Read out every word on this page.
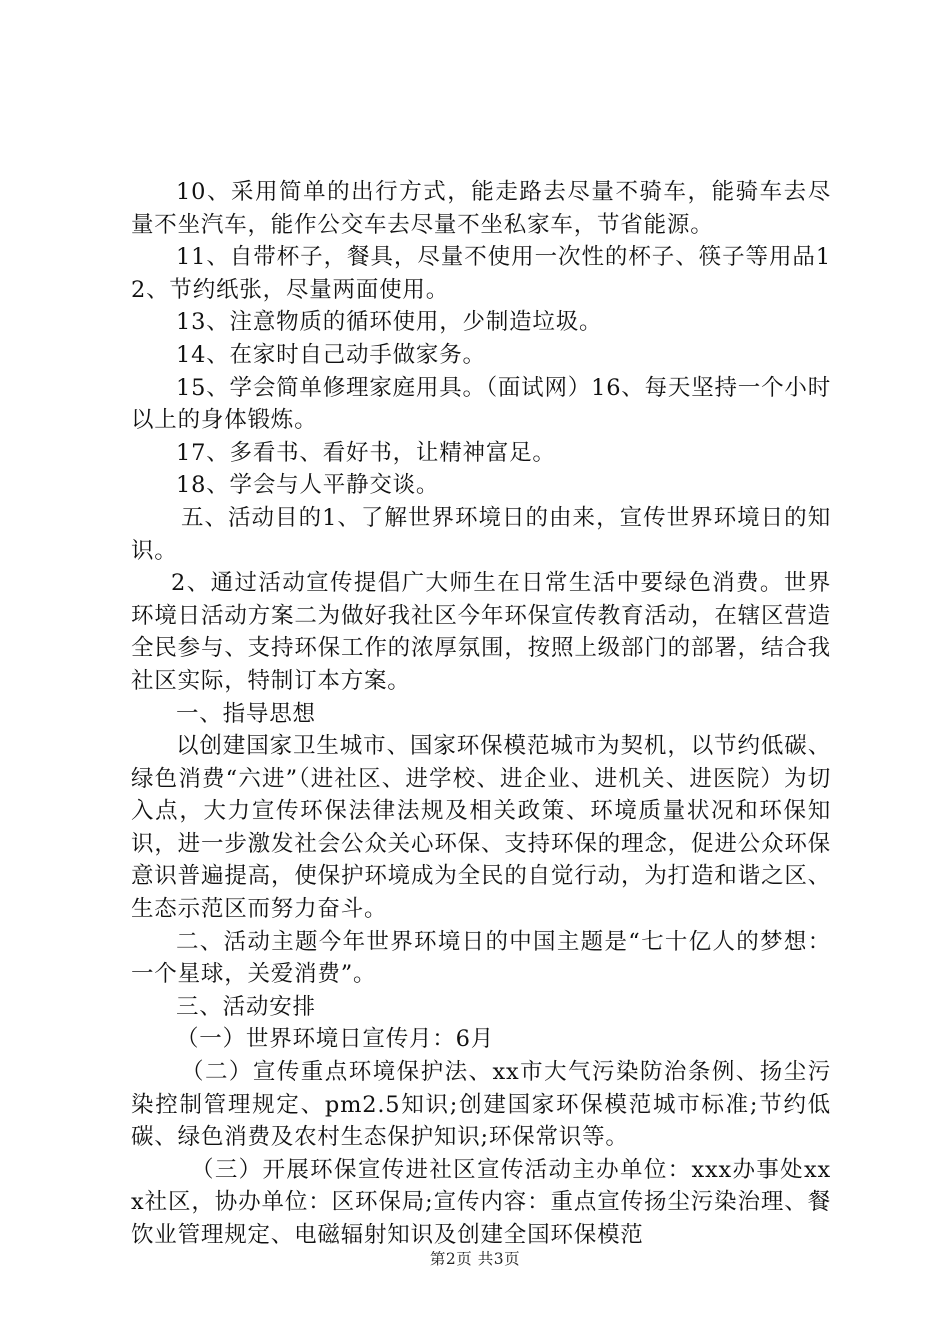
10、采用简单的出行方式，能走路去尽量不骑车，能骑车去尽量不坐汽车，能作公交车去尽量不坐私家车，节省能源。

11、自带杯子，餐具，尽量不使用一次性的杯子、筷子等用品12、节约纸张，尽量两面使用。

13、注意物质的循环使用，少制造垃圾。

14、在家时自己动手做家务。

15、学会简单修理家庭用具。（面试网）16、每天坚持一个小时以上的身体锻炼。

17、多看书、看好书，让精神富足。

18、学会与人平静交谈。

五、活动目的1、了解世界环境日的由来，宣传世界环境日的知识。

2、通过活动宣传提倡广大师生在日常生活中要绿色消费。世界环境日活动方案二为做好我社区今年环保宣传教育活动，在辖区营造全民参与、支持环保工作的浓厚氛围，按照上级部门的部署，结合我社区实际，特制订本方案。

一、指导思想

以创建国家卫生城市、国家环保模范城市为契机，以节约低碳、绿色消费“六进”（进社区、进学校、进企业、进机关、进医院）为切入点，大力宣传环保法律法规及相关政策、环境质量状况和环保知识，进一步激发社会公众关心环保、支持环保的理念，促进公众环保意识普遍提高，使保护环境成为全民的自觉行动，为打造和谐之区、生态示范区而努力奋斗。

二、活动主题今年世界环境日的中国主题是“七十亿人的梦想：一个星球，关爱消费”。

三、活动安排

（一）世界环境日宣传月：6月

（二）宣传重点环境保护法、xx市大气污染防治条例、扬尘污染控制管理规定、pm2.5知识;创建国家环保模范城市标准;节约低碳、绿色消费及农村生态保护知识;环保常识等。

（三）开展环保宣传进社区宣传活动主办单位：xxx办事处xxx社区，协办单位：区环保局;宣传内容：重点宣传扬尘污染治理、餐饮业管理规定、电磁辐射知识及创建全国环保模范

第2页 共3页
